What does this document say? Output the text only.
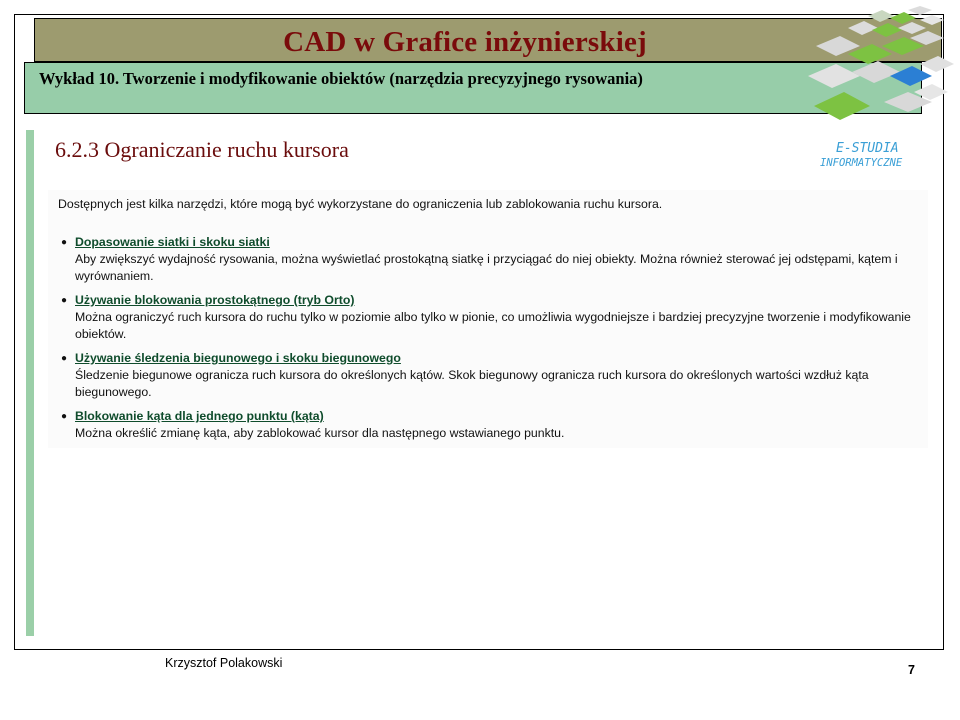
CAD w Grafice inżynierskiej
Wykład 10. Tworzenie i modyfikowanie obiektów (narzędzia precyzyjnego rysowania)
E-STUDIA
INFORMATYCZNE
6.2.3 Ograniczanie ruchu kursora
Dostępnych jest kilka narzędzi, które mogą być wykorzystane do ograniczenia lub zablokowania ruchu kursora.
● Dopasowanie siatki i skoku siatki
Aby zwiększyć wydajność rysowania, można wyświetlać prostokątną siatkę i przyciągać do niej obiekty. Można również sterować jej odstępami, kątem i wyrównaniem.
● Używanie blokowania prostokątnego (tryb Orto)
Można ograniczyć ruch kursora do ruchu tylko w poziomie albo tylko w pionie, co umożliwia wygodniejsze i bardziej precyzyjne tworzenie i modyfikowanie obiektów.
● Używanie śledzenia biegunowego i skoku biegunowego
Śledzenie biegunowe ogranicza ruch kursora do określonych kątów. Skok biegunowy ogranicza ruch kursora do określonych wartości wzdłuż kąta biegunowego.
● Blokowanie kąta dla jednego punktu (kąta)
Można określić zmianę kąta, aby zablokować kursor dla następnego wstawianego punktu.
Krzysztof Polakowski	7
